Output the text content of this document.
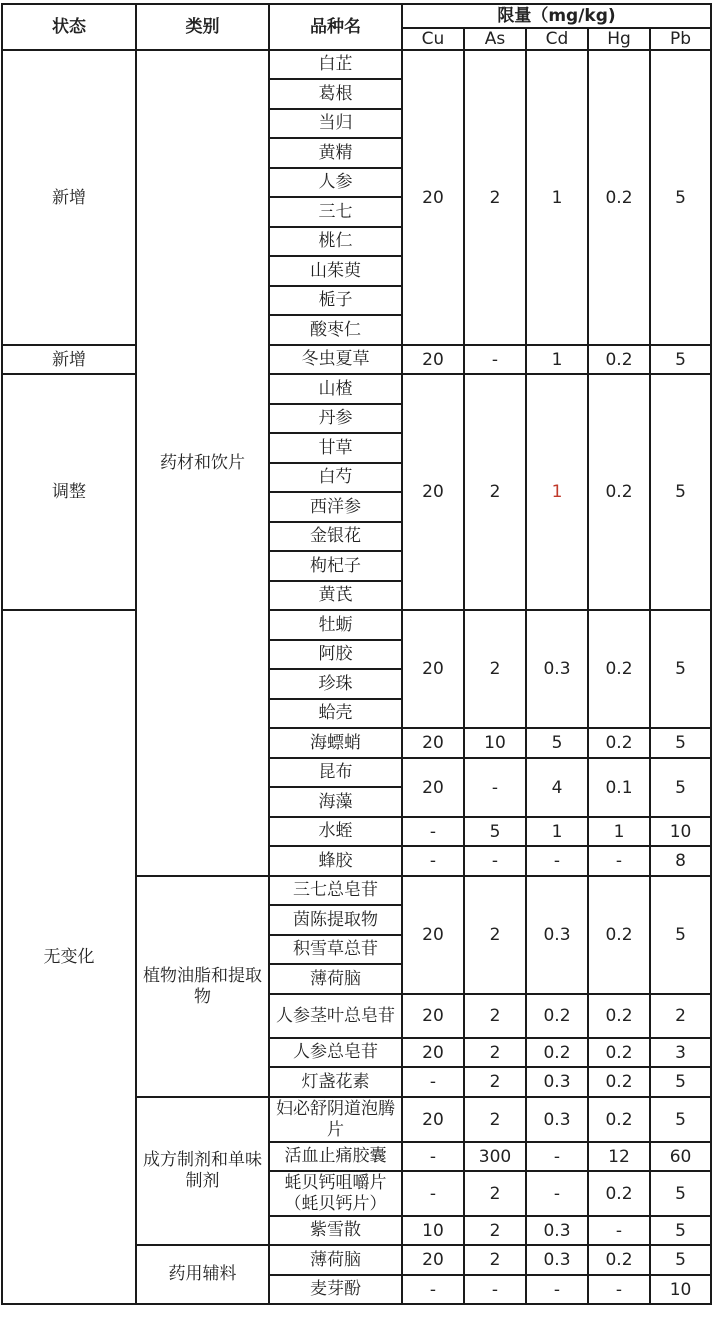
状态	类别	品种名	限量（mg/kg)				
			Cu	As	Cd	Hg	Pb
新增	药材和饮片	白芷	20	2	1	0.2	5
		葛根					
		当归					
		黄精					
		人参					
		三七					
		桃仁					
		山茱萸					
		栀子					
		酸枣仁					
新增		冬虫夏草	20	-	1	0.2	5
调整		山楂	20	2	1	0.2	5
		丹参					
		甘草					
		白芍					
		西洋参					
		金银花					
		枸杞子					
		黄芪					
无变化		牡蛎	20	2	0.3	0.2	5
		阿胶					
		珍珠					
		蛤壳					
		海螵蛸	20	10	5	0.2	5
		昆布	20	-	4	0.1	5
		海藻					
		水蛭	-	5	1	1	10
		蜂胶	-	-	-	-	8
	植物油脂和提取物	三七总皂苷	20	2	0.3	0.2	5
		茵陈提取物					
		积雪草总苷					
		薄荷脑					
		人参茎叶总皂苷	20	2	0.2	0.2	2
		人参总皂苷	20	2	0.2	0.2	3
		灯盏花素	-	2	0.3	0.2	5
	成方制剂和单味制剂	妇必舒阴道泡腾片	20	2	0.3	0.2	5
		活血止痛胶囊	-	300	-	12	60
		蚝贝钙咀嚼片（蚝贝钙片）	-	2	-	0.2	5
		紫雪散	10	2	0.3	-	5
	药用辅料	薄荷脑	20	2	0.3	0.2	5
		麦芽酚	-	-	-	-	10
